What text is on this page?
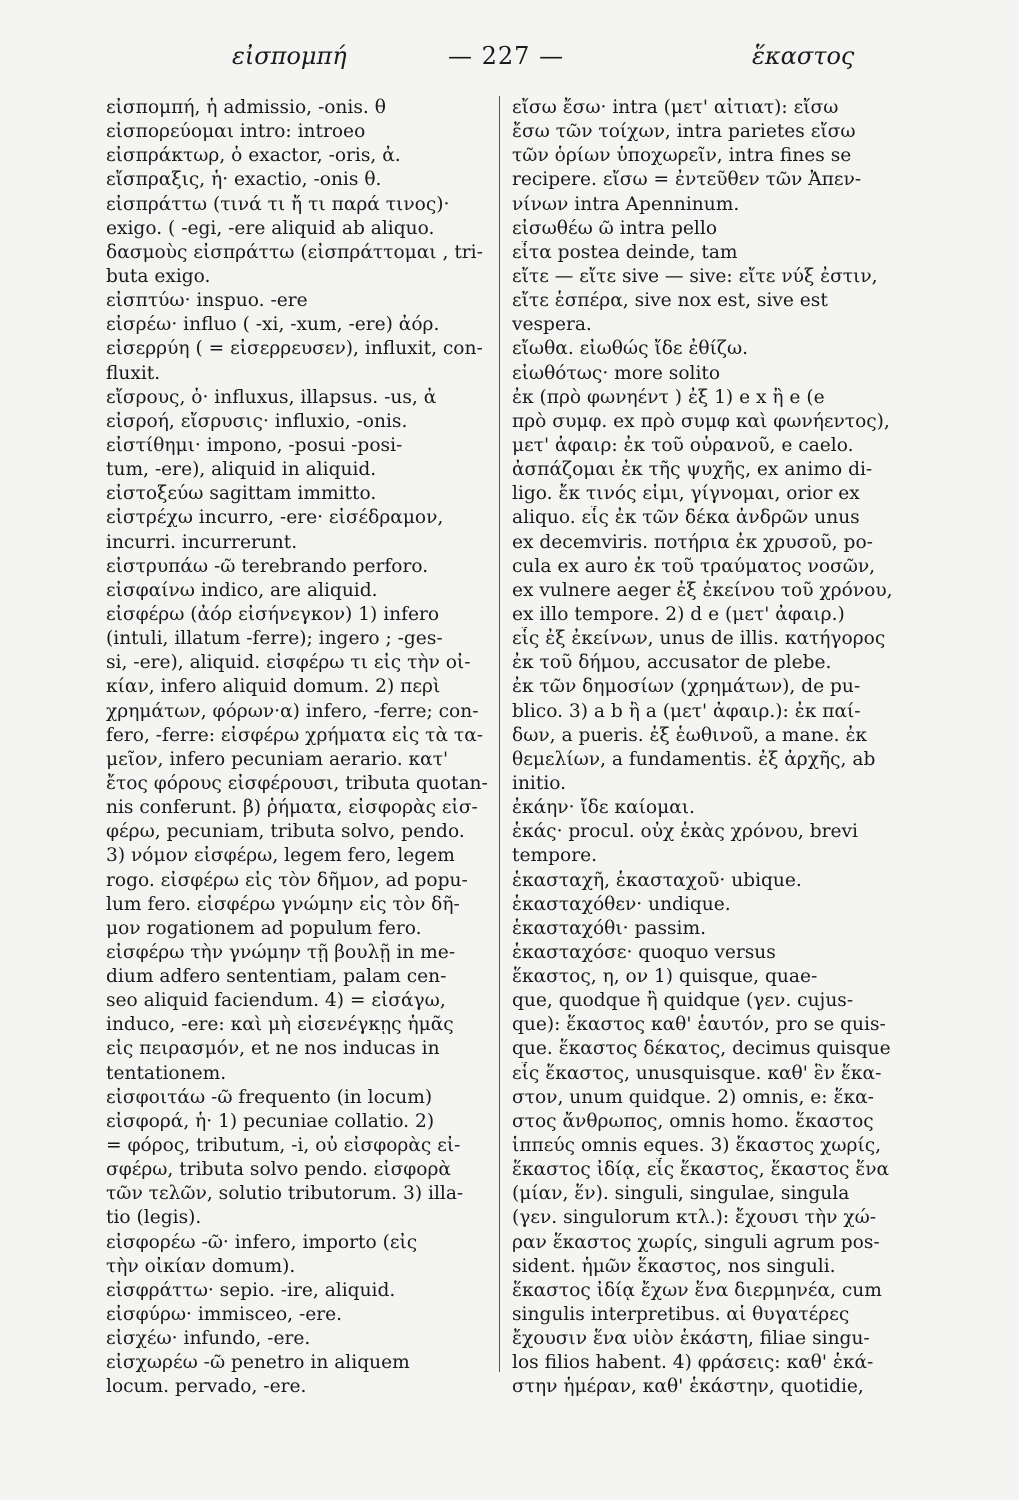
εἰσπομπή	— 227 —	ἕκαστος
εἰσπομπή, ἡ admissio, -onis. θ
εἰσπορεύομαι intro: introeo
εἰσπράκτωρ, ὁ exactor, -oris, ἀ.
εἴσπραξις, ἡ· exactio, -onis θ.
εἰσπράττω (τινά τι ἤ τι παρά τινος)·
exigo. ( -egi, -ere aliquid ab aliquo.
δασμοὺς εἰσπράττω (εἰσπράττομαι , tri-
buta exigo.
εἰσπτύω· inspuo. -ere
εἰσρέω· influo ( -xi, -xum, -ere) ἀόρ.
εἰσερρύη ( = εἰσερρευσεν), influxit, con-
fluxit.
εἴσρους, ὁ· influxus, illapsus. -us, ἀ
εἰσροή, εἴσρυσις· influxio, -onis.
εἰστίθημι· impono, -posui -posi-
tum, -ere), aliquid in aliquid.
εἰστοξεύω sagittam immitto.
εἰστρέχω incurro, -ere· εἰσέδραμον,
incurri. incurrerunt.
εἰστρυπάω -ῶ terebrando perforo.
εἰσφαίνω indico, are aliquid.
εἰσφέρω (ἀόρ εἰσήνεγκον) 1) infero
(intuli, illatum -ferre); ingero ; -ges-
si, -ere), aliquid. εἰσφέρω τι εἰς τὴν οἰ-
κίαν, infero aliquid domum. 2) περὶ
χρημάτων, φόρων·α) infero, -ferre; con-
fero, -ferre: εἰσφέρω χρήματα εἰς τὰ τα-
μεῖον, infero pecuniam aerario. κατ'
ἔτος φόρους εἰσφέρουσι, tributa quotan-
nis conferunt. β) ῥήματα, εἰσφορὰς εἰσ-
φέρω, pecuniam, tributa solvo, pendo.
3) νόμον εἰσφέρω, legem fero, legem
rogo. εἰσφέρω εἰς τὸν δῆμον, ad popu-
lum fero. εἰσφέρω γνώμην εἰς τὸν δῆ-
μον rogationem ad populum fero.
εἰσφέρω τὴν γνώμην τῇ βουλῇ in me-
dium adfero sententiam, palam cen-
seo aliquid faciendum. 4) = εἰσάγω,
induco, -ere: καὶ μὴ εἰσενέγκῃς ἡμᾶς
εἰς πειρασμόν, et ne nos inducas in
tentationem.
εἰσφοιτάω -ῶ frequento (in locum)
εἰσφορά, ἡ· 1) pecuniae collatio. 2)
= φόρος, tributum, -i, οὐ εἰσφορὰς εἰ-
σφέρω, tributa solvo pendo. εἰσφορὰ
τῶν τελῶν, solutio tributorum. 3) illa-
tio (legis).
εἰσφορέω -ῶ· infero, importo (εἰς
τὴν οἰκίαν domum).
εἰσφράττω· sepio. -ire, aliquid.
εἰσφύρω· immisceo, -ere.
εἰσχέω· infundo, -ere.
εἰσχωρέω -ῶ penetro in aliquem
locum. pervado, -ere.
εἴσω ἔσω· intra (μετ' αἰτιατ): εἴσω
ἔσω τῶν τοίχων, intra parietes εἴσω
τῶν ὁρίων ὑποχωρεῖν, intra fines se
recipere. εἴσω = ἐντεῦθεν τῶν Ἀπεν-
νίνων intra Apenninum.
εἰσωθέω ῶ intra pello
εἶτα postea deinde, tam
εἴτε — εἴτε sive — sive: εἴτε νύξ ἐστιν,
εἴτε ἑσπέρα, sive nox est, sive est
vespera.
εἴωθα. εἰωθώς ἴδε ἐθίζω.
εἰωθότως· more solito
ἐκ (πρὸ φωνηέντ ) ἐξ 1) e x ἢ e (e
πρὸ συμφ. ex πρὸ συμφ καὶ φωνήεντος),
μετ' ἀφαιρ: ἐκ τοῦ οὐρανοῦ, e caelo.
ἀσπάζομαι ἐκ τῆς ψυχῆς, ex animo di-
ligo. ἔκ τινός εἰμι, γίγνομαι, orior ex
aliquo. εἷς ἐκ τῶν δέκα ἀνδρῶν unus
ex decemviris. ποτήρια ἐκ χρυσοῦ, po-
cula ex auro ἐκ τοῦ τραύματος νοσῶν,
ex vulnere aeger ἐξ ἐκείνου τοῦ χρόνου,
ex illo tempore. 2) d e (μετ' ἀφαιρ.)
εἷς ἐξ ἐκείνων, unus de illis. κατήγορος
ἐκ τοῦ δήμου, accusator de plebe.
ἐκ τῶν δημοσίων (χρημάτων), de pu-
blico. 3) a b ἢ a (μετ' ἀφαιρ.): ἐκ παί-
δων, a pueris. ἐξ ἑωθινοῦ, a mane. ἐκ
θεμελίων, a fundamentis. ἐξ ἀρχῆς, ab
initio.
ἐκάην· ἴδε καίομαι.
ἑκάς· procul. οὐχ ἑκὰς χρόνου, brevi
tempore.
ἑκασταχῆ, ἑκασταχοῦ· ubique.
ἑκασταχόθεν· undique.
ἑκασταχόθι· passim.
ἑκασταχόσε· quoquo versus
ἕκαστος, η, ον 1) quisque, quae-
que, quodque ἢ quidque (γεν. cujus-
que): ἕκαστος καθ' ἑαυτόν, pro se quis-
que. ἕκαστος δέκατος, decimus quisque
εἷς ἕκαστος, unusquisque. καθ' ἓν ἕκα-
στον, unum quidque. 2) omnis, e: ἕκα-
στος ἄνθρωπος, omnis homo. ἕκαστος
ἱππεύς omnis eques. 3) ἕκαστος χωρίς,
ἕκαστος ἰδίᾳ, εἷς ἕκαστος, ἕκαστος ἕνα
(μίαν, ἕν). singuli, singulae, singula
(γεν. singulorum κτλ.): ἔχουσι τὴν χώ-
ραν ἕκαστος χωρίς, singuli agrum pos-
sident. ἡμῶν ἕκαστος, nos singuli.
ἕκαστος ἰδίᾳ ἔχων ἕνα διερμηνέα, cum
singulis interpretibus. αἱ θυγατέρες
ἔχουσιν ἕνα υἱὸν ἑκάστη, filiae singu-
los filios habent. 4) φράσεις: καθ' ἑκά-
στην ἡμέραν, καθ' ἑκάστην, quotidie,
